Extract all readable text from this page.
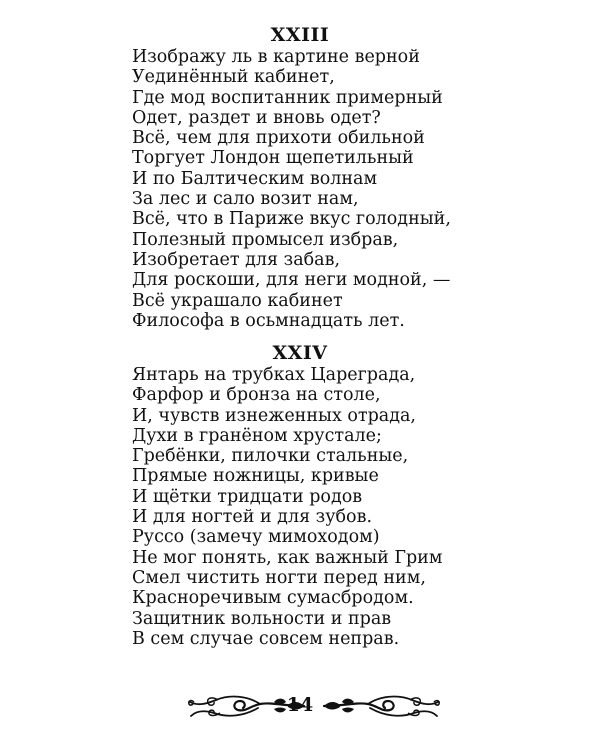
XXIII
Изображу ль в картине верной
Уединённый кабинет,
Где мод воспитанник примерный
Одет, раздет и вновь одет?
Всё, чем для прихоти обильной
Торгует Лондон щепетильный
И по Балтическим волнам
За лес и сало возит нам,
Всё, что в Париже вкус голодный,
Полезный промысел избрав,
Изобретает для забав,
Для роскоши, для неги модной, —
Всё украшало кабинет
Философа в осьмнадцать лет.
XXIV
Янтарь на трубках Цареграда,
Фарфор и бронза на столе,
И, чувств изнеженных отрада,
Духи в гранёном хрустале;
Гребёнки, пилочки стальные,
Прямые ножницы, кривые
И щётки тридцати родов
И для ногтей и для зубов.
Руссо (замечу мимоходом)
Не мог понять, как важный Грим
Смел чистить ногти перед ним,
Красноречивым сумасбродом.
Защитник вольности и прав
В сем случае совсем неправ.
14
